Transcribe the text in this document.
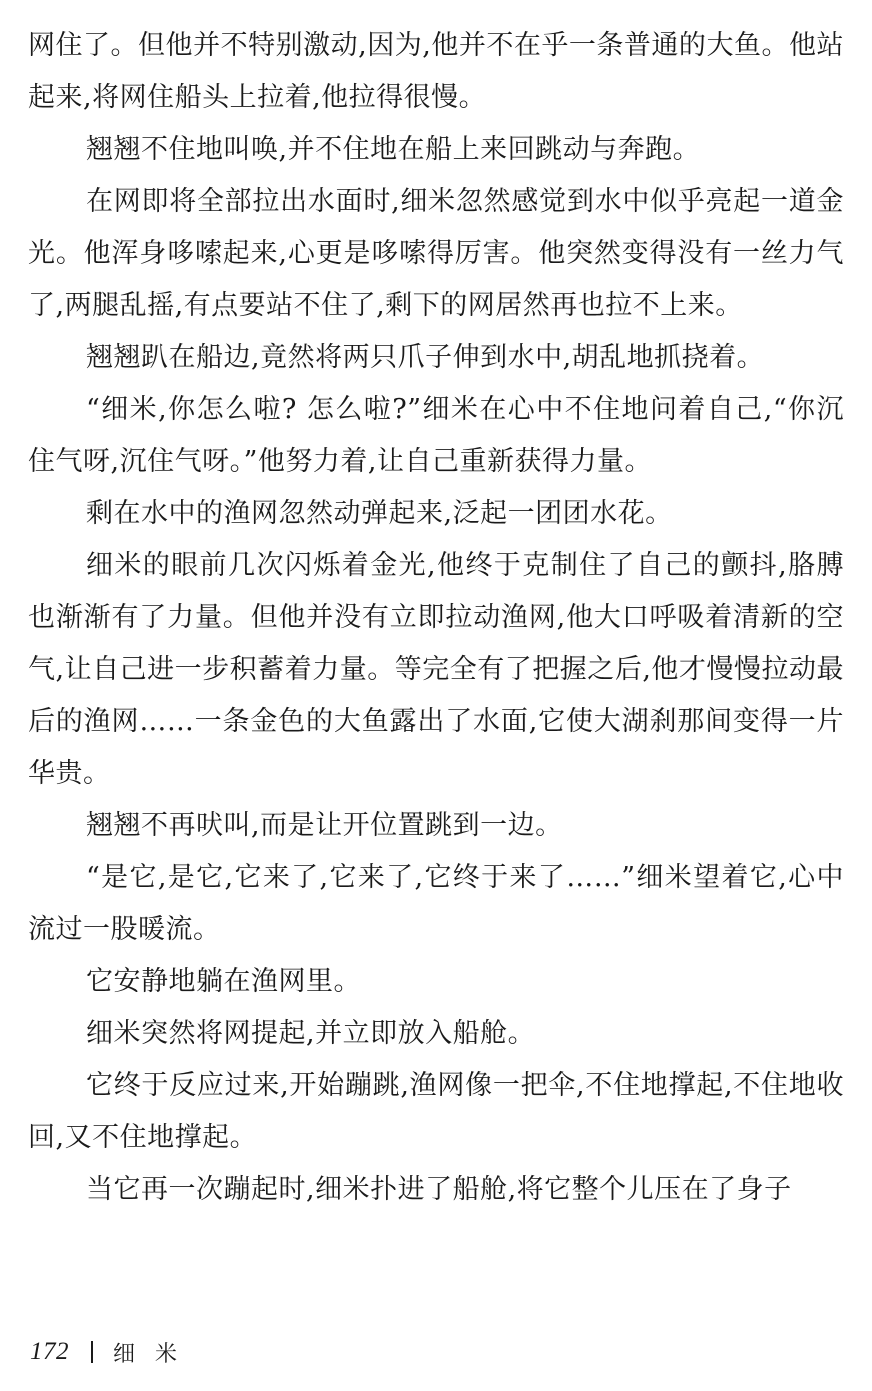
网住了。但他并不特别激动,因为,他并不在乎一条普通的大鱼。他站起来,将网住船头上拉着,他拉得很慢。

翘翘不住地叫唤,并不住地在船上来回跳动与奔跑。

在网即将全部拉出水面时,细米忽然感觉到水中似乎亮起一道金光。他浑身哆嗦起来,心更是哆嗦得厉害。他突然变得没有一丝力气了,两腿乱摇,有点要站不住了,剩下的网居然再也拉不上来。

翘翘趴在船边,竟然将两只爪子伸到水中,胡乱地抓挠着。

“细米,你怎么啦? 怎么啦?”细米在心中不住地问着自己,“你沉住气呀,沉住气呀。”他努力着,让自己重新获得力量。

剩在水中的渔网忽然动弹起来,泛起一团团水花。

细米的眼前几次闪烁着金光,他终于克制住了自己的颤抖,胳膊也渐渐有了力量。但他并没有立即拉动渔网,他大口呼吸着清新的空气,让自己进一步积蓄着力量。等完全有了把握之后,他才慢慢拉动最后的渔网……一条金色的大鱼露出了水面,它使大湖刹那间变得一片华贵。

翘翘不再吠叫,而是让开位置跳到一边。

“是它,是它,它来了,它来了,它终于来了……”细米望着它,心中流过一股暖流。

它安静地躺在渔网里。

细米突然将网提起,并立即放入船舱。

它终于反应过来,开始蹦跳,渔网像一把伞,不住地撑起,不住地收回,又不住地撑起。

当它再一次蹦起时,细米扑进了船舱,将它整个儿压在了身子

172 细米
